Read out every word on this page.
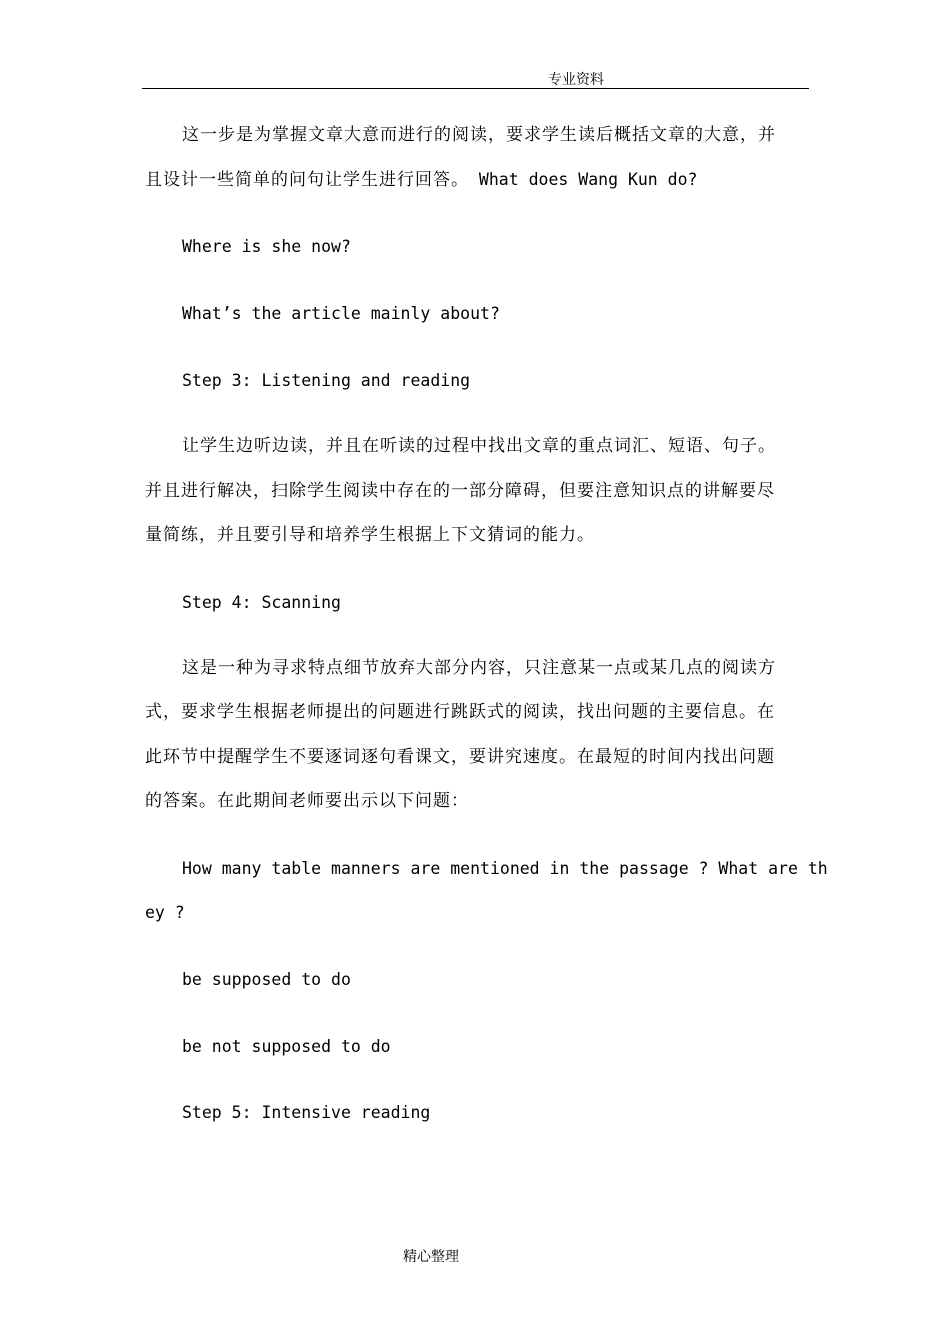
专业资料
这一步是为掌握文章大意而进行的阅读，要求学生读后概括文章的大意，并
且设计一些简单的问句让学生进行回答。 What does Wang Kun do?
Where is she now?
What’s the article mainly about?
Step 3: Listening and reading
让学生边听边读，并且在听读的过程中找出文章的重点词汇、短语、句子。
并且进行解决，扫除学生阅读中存在的一部分障碍，但要注意知识点的讲解要尽
量简练，并且要引导和培养学生根据上下文猜词的能力。
Step 4: Scanning
这是一种为寻求特点细节放弃大部分内容，只注意某一点或某几点的阅读方
式，要求学生根据老师提出的问题进行跳跃式的阅读，找出问题的主要信息。在
此环节中提醒学生不要逐词逐句看课文，要讲究速度。在最短的时间内找出问题
的答案。在此期间老师要出示以下问题：
How many table manners are mentioned in the passage ? What are th
ey ?
be supposed to do
be not supposed to do
Step 5: Intensive reading
精心整理
